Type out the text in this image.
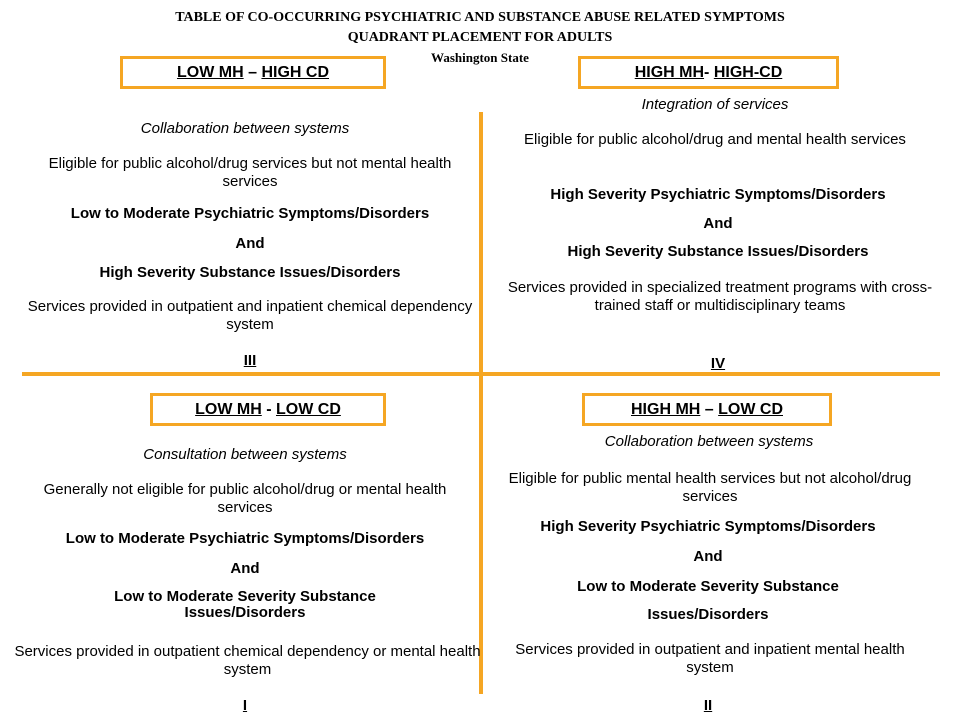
TABLE OF CO-OCCURRING PSYCHIATRIC AND SUBSTANCE ABUSE RELATED SYMPTOMS
QUADRANT PLACEMENT FOR ADULTS
Washington State
LOW MH – HIGH CD
Collaboration between systems
Eligible for public alcohol/drug services but not mental health services
Low to Moderate Psychiatric Symptoms/Disorders
And
High Severity Substance Issues/Disorders
Services provided in outpatient and inpatient chemical dependency system
III
HIGH MH - HIGH-CD
Integration of services
Eligible for public alcohol/drug and mental health services
High Severity Psychiatric Symptoms/Disorders
And
High Severity Substance Issues/Disorders
Services provided in specialized treatment programs with cross-trained staff or multidisciplinary teams
IV
LOW MH - LOW CD
Consultation between systems
Generally not eligible for public alcohol/drug or mental health services
Low to Moderate Psychiatric Symptoms/Disorders
And
Low to Moderate Severity Substance Issues/Disorders
Services provided in outpatient chemical dependency or mental health system
I
HIGH MH – LOW CD
Collaboration between systems
Eligible for public mental health services but not alcohol/drug services
High Severity Psychiatric Symptoms/Disorders
And
Low to Moderate Severity Substance
Issues/Disorders
Services provided in outpatient and inpatient mental health system
II
